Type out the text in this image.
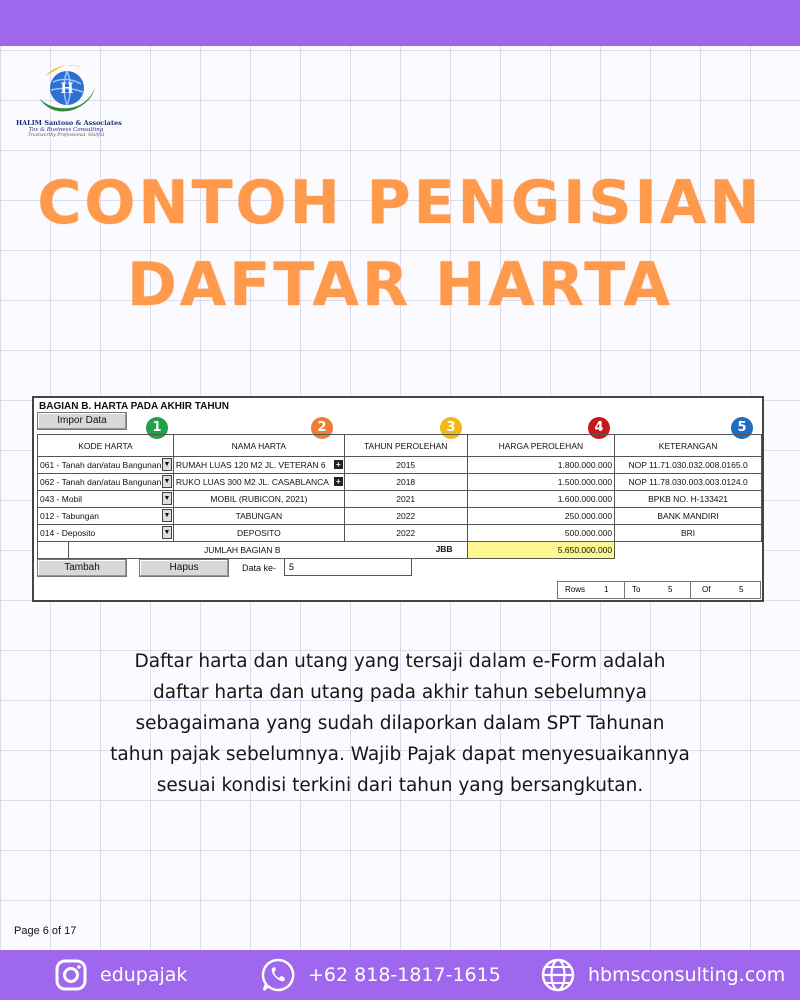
H
HALIM Santoso & Associates
Tax & Business Consulting
Trustworthy Professional, Skillful
CONTOH PENGISIAN
DAFTAR HARTA
BAGIAN B. HARTA PADA AKHIR TAHUN
Impor Data	1	2	3	4	5
KODE HARTA	NAMA HARTA	TAHUN PEROLEHAN	HARGA PEROLEHAN	KETERANGAN

061 - Tanah dan/atau Bangunan ▼	RUMAH LUAS 120 M2 JL. VETERAN 6 +	2015	1.800.000.000	NOP 11.71.030.032.008.0165.0

062 - Tanah dan/atau Bangunan ▼	RUKO LUAS 300 M2 JL. CASABLANCA +	2018	1.500.000.000	NOP 11.78.030.003.003.0124.0

043 - Mobil ▼	MOBIL (RUBICON, 2021)	2021	1.600.000.000	BPKB NO. H-133421

012 - Tabungan ▼	TABUNGAN	2022	250.000.000	BANK MANDIRI

014 - Deposito ▼	DEPOSITO	2022	500.000.000	BRI

JUMLAH BAGIAN B JBB			5.650.000.000	
Tambah	Hapus	Data ke-	5
Rows 1	To	5	Of	5
Daftar harta dan utang yang tersaji dalam e-Form adalah
daftar harta dan utang pada akhir tahun sebelumnya
sebagaimana yang sudah dilaporkan dalam SPT Tahunan
tahun pajak sebelumnya. Wajib Pajak dapat menyesuaikannya
sesuai kondisi terkini dari tahun yang bersangkutan.
Page 6 of 17
edupajak	+62 818-1817-1615	hbmsconsulting.com
